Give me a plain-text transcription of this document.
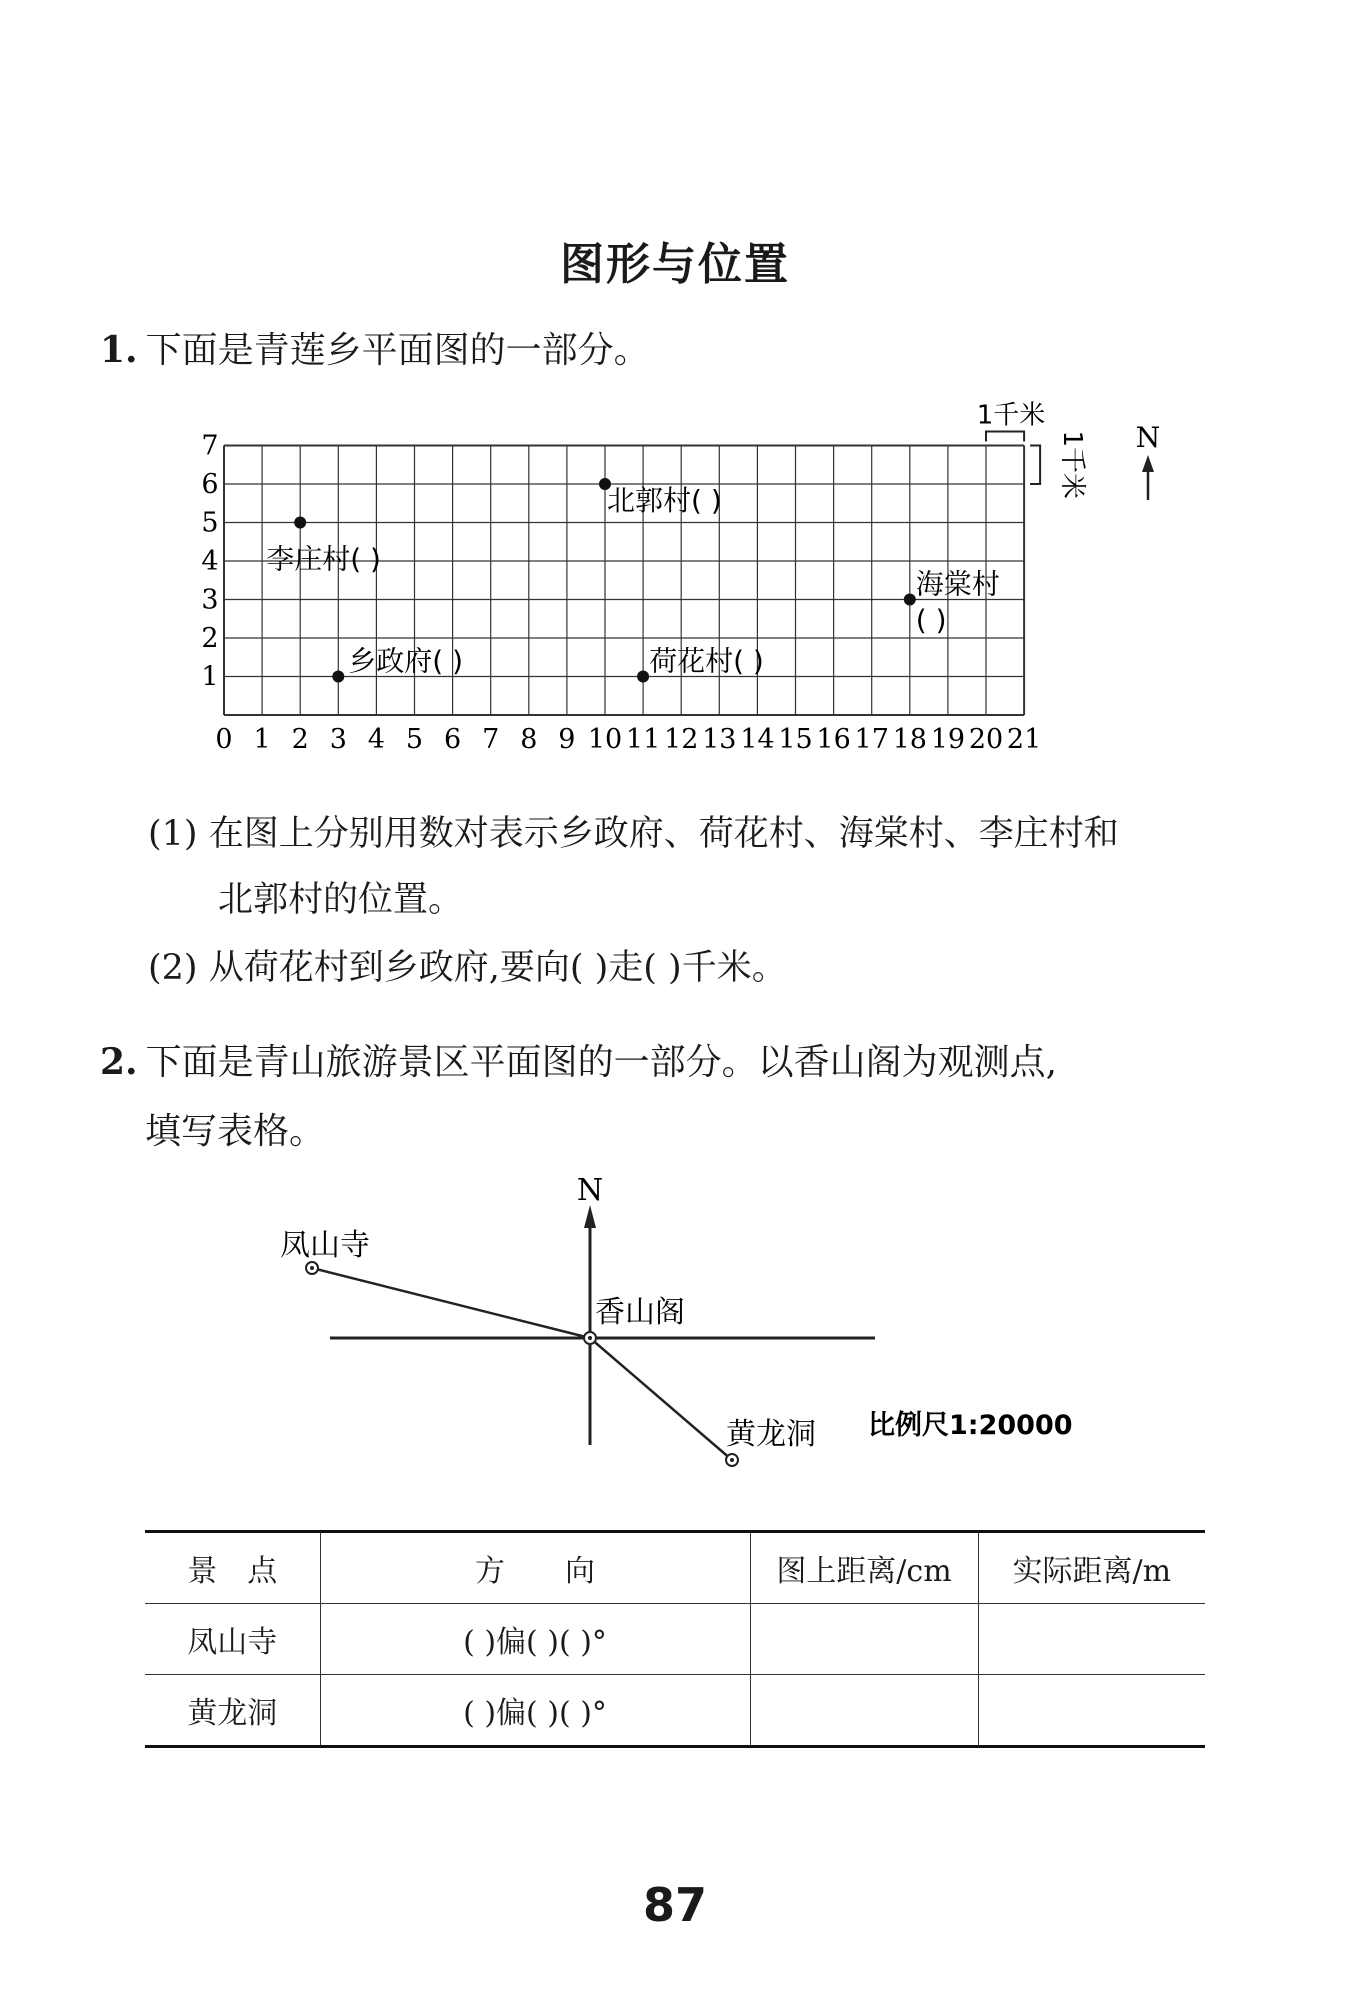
图形与位置
1. 下面是青莲乡平面图的一部分。
0 1 2 3 4 5 6 7 8 9 10 11 12 13 14 15 16 17 18 19 20 21
1
2
3
4
5
6
7
李庄村( )
北郭村( )
海棠村
( )
乡政府( )	荷花村( )
1千米
1千米 N
N
凤山寺
香山阁
黄龙洞 比例尺1:20000
(1) 在图上分别用数对表示乡政府、荷花村、海棠村、李庄村和
北郭村的位置。
(2) 从荷花村到乡政府,要向( )走( )千米。
2. 下面是青山旅游景区平面图的一部分。以香山阁为观测点,
填写表格。
景　点	方　　向	图上距离/cm	实际距离/m
凤山寺	( )偏( )( )°		
黄龙洞	( )偏( )( )°		
87
